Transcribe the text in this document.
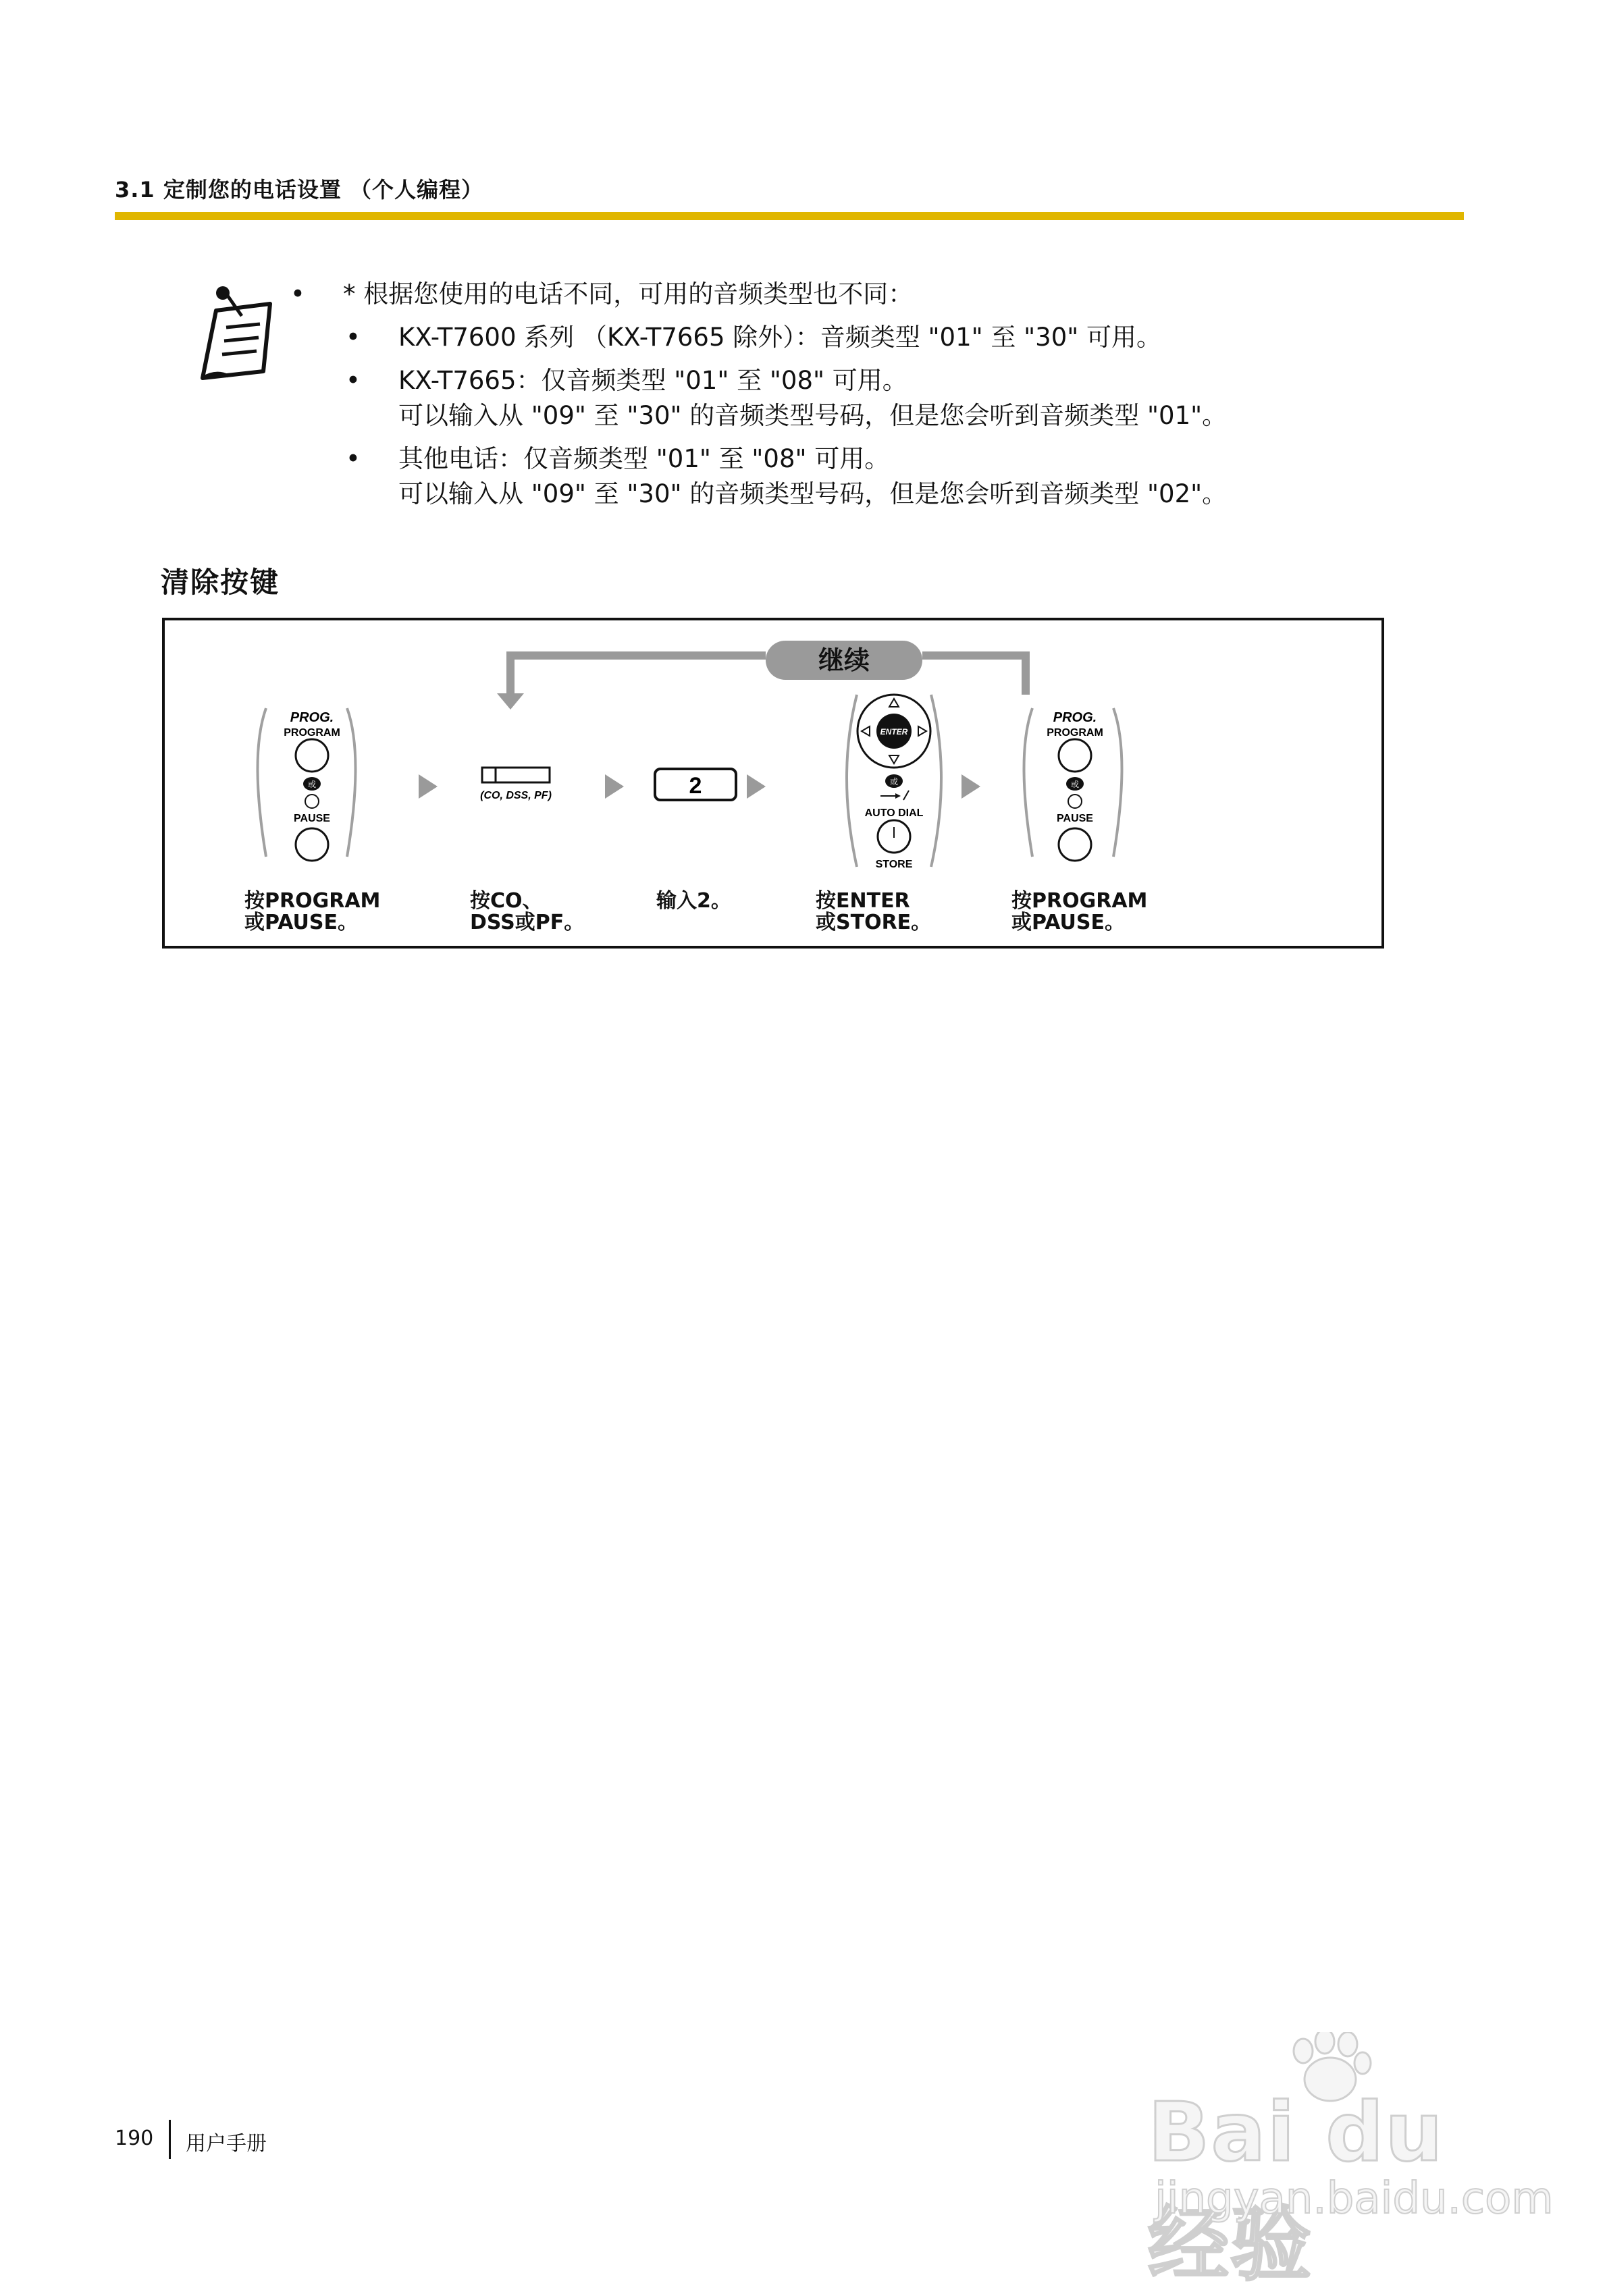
3.1 定制您的电话设置 （个人编程）
• * 根据您使用的电话不同，可用的音频类型也不同：
• KX-T7600 系列 （KX-T7665 除外）：音频类型 "01" 至 "30" 可用。
• KX-T7665：仅音频类型 "01" 至 "08" 可用。
可以输入从 "09" 至 "30" 的音频类型号码，但是您会听到音频类型 "01"。
• 其他电话：仅音频类型 "01" 至 "08" 可用。
可以输入从 "09" 至 "30" 的音频类型号码，但是您会听到音频类型 "02"。
清除按键
PROG.
PROGRAM
或
PAUSE
(CO, DSS, PF)	2
ENTER
或
AUTO DIAL
STORE
PROG.
PROGRAM
或
PAUSE
继续
按PROGRAM
或PAUSE。
按CO、
DSS或PF。
输入2。	按ENTER
或STORE。
按PROGRAM
或PAUSE。
190 用户手册	Bai du 经验
jingyan.baidu.com
